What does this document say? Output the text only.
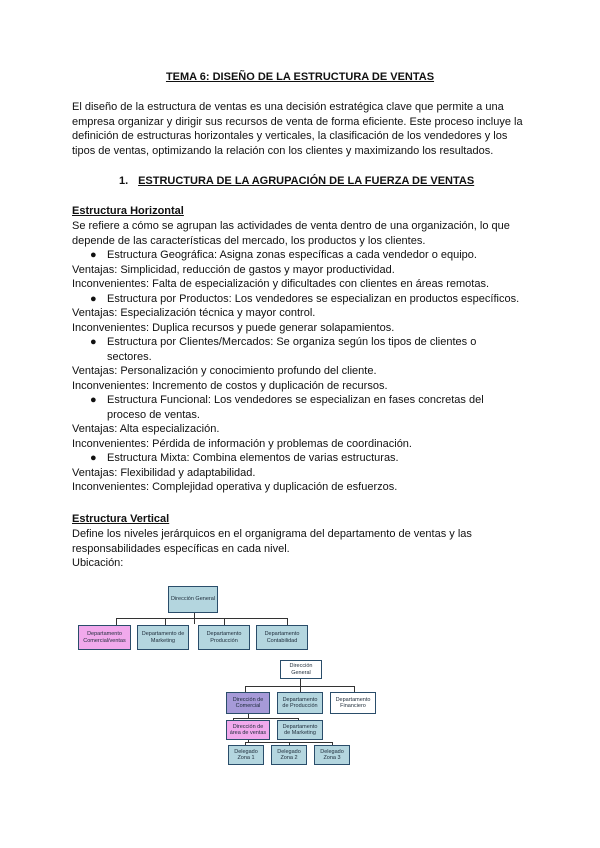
TEMA 6: DISEÑO DE LA ESTRUCTURA DE VENTAS
El diseño de la estructura de ventas es una decisión estratégica clave que permite a una
empresa organizar y dirigir sus recursos de venta de forma eficiente. Este proceso incluye la
definición de estructuras horizontales y verticales, la clasificación de los vendedores y los
tipos de ventas, optimizando la relación con los clientes y maximizando los resultados.
1. ESTRUCTURA DE LA AGRUPACIÓN DE LA FUERZA DE VENTAS
Estructura Horizontal
Se refiere a cómo se agrupan las actividades de venta dentro de una organización, lo que
depende de las características del mercado, los productos y los clientes.
● Estructura Geográfica: Asigna zonas específicas a cada vendedor o equipo.
Ventajas: Simplicidad, reducción de gastos y mayor productividad.
Inconvenientes: Falta de especialización y dificultades con clientes en áreas remotas.
● Estructura por Productos: Los vendedores se especializan en productos específicos.
Ventajas: Especialización técnica y mayor control.
Inconvenientes: Duplica recursos y puede generar solapamientos.
● Estructura por Clientes/Mercados: Se organiza según los tipos de clientes o
sectores.
Ventajas: Personalización y conocimiento profundo del cliente.
Inconvenientes: Incremento de costos y duplicación de recursos.
● Estructura Funcional: Los vendedores se especializan en fases concretas del
proceso de ventas.
Ventajas: Alta especialización.
Inconvenientes: Pérdida de información y problemas de coordinación.
● Estructura Mixta: Combina elementos de varias estructuras.
Ventajas: Flexibilidad y adaptabilidad.
Inconvenientes: Complejidad operativa y duplicación de esfuerzos.
Estructura Vertical
Define los niveles jerárquicos en el organigrama del departamento de ventas y las
responsabilidades específicas en cada nivel.
Ubicación:
Dirección General
Departamento Comercial/ventas
Departamento de Marketing
Departamento Producción
Departamento Contabilidad
Dirección General
Dirección de Comercial
Departamento de Producción
Departamento Financiero
Dirección de área de ventas
Departamento de Marketing
Delegado Zona 1
Delegado Zona 2
Delegado Zona 3
